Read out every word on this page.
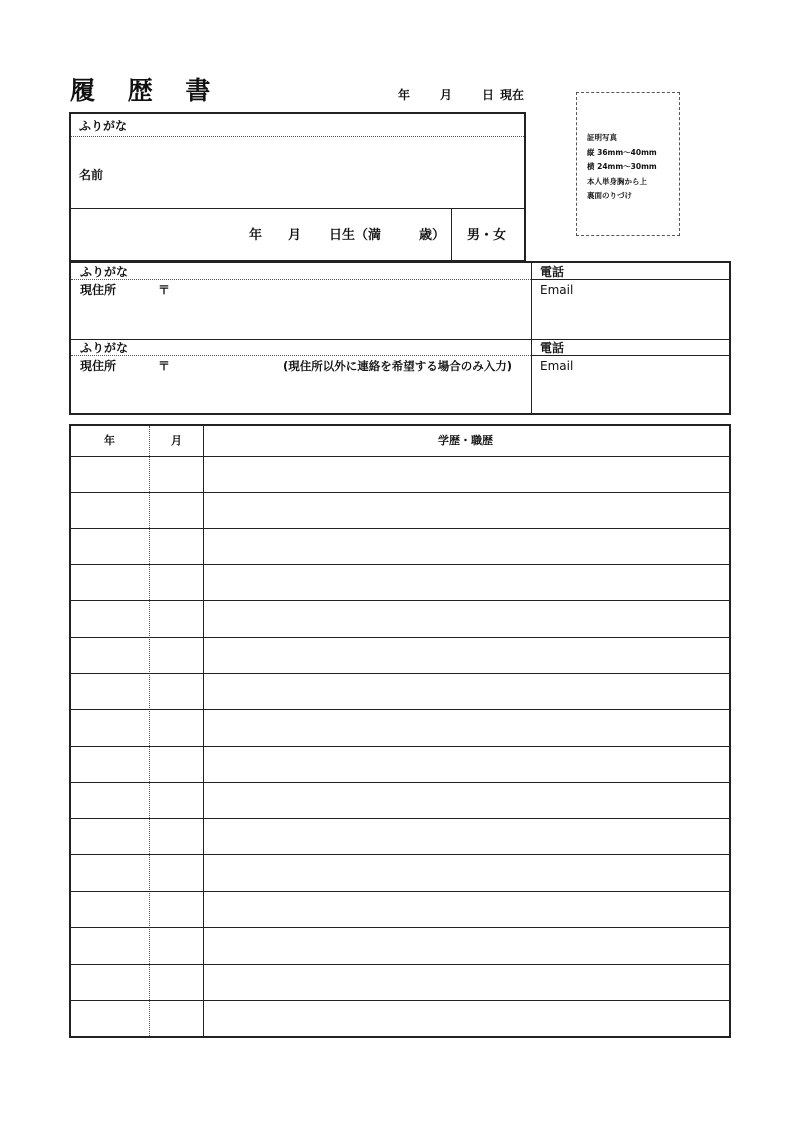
履 歴 書	年	月	日 現在
証明写真
縦 36mm～40mm
横 24mm～30mm
本人単身胸から上
裏面のりづけ
ふりがな
名前
年 月 日生（満	歳） 男・女
ふりがな
現住所	〒
電話
Email
ふりがな
現住所	〒	(現住所以外に連絡を希望する場合のみ入力)
電話
Email
年	月	学歴・職歴
